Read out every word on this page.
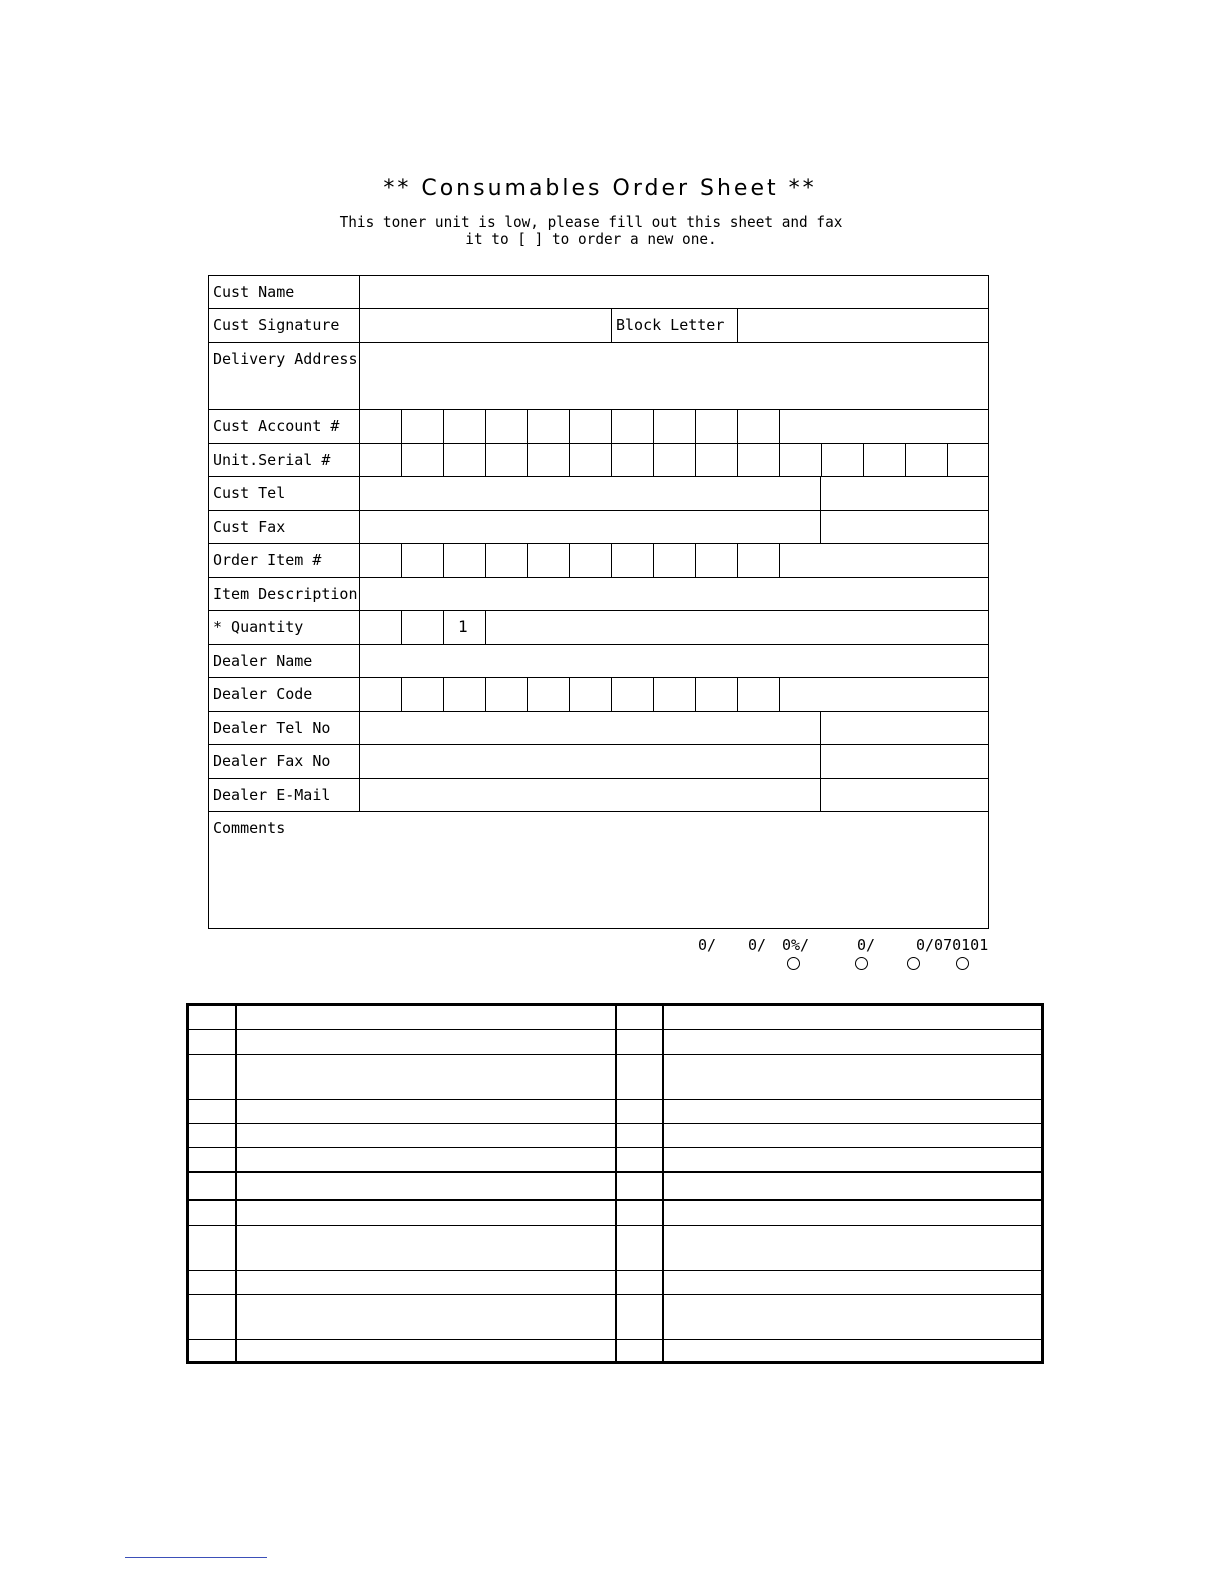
** Consumables Order Sheet **
This toner unit is low, please fill out this sheet and fax
it to [ ] to order a new one.
Cust Name
Cust Signature	Block Letter
Delivery Address
Cust Account #
Unit.Serial #
Cust Tel
Cust Fax
Order Item #
Item Description
* Quantity	1
Dealer Name
Dealer Code
Dealer Tel No
Dealer Fax No
Dealer E-Mail
Comments
0/ 0/ 0%/	0/	0/070101
